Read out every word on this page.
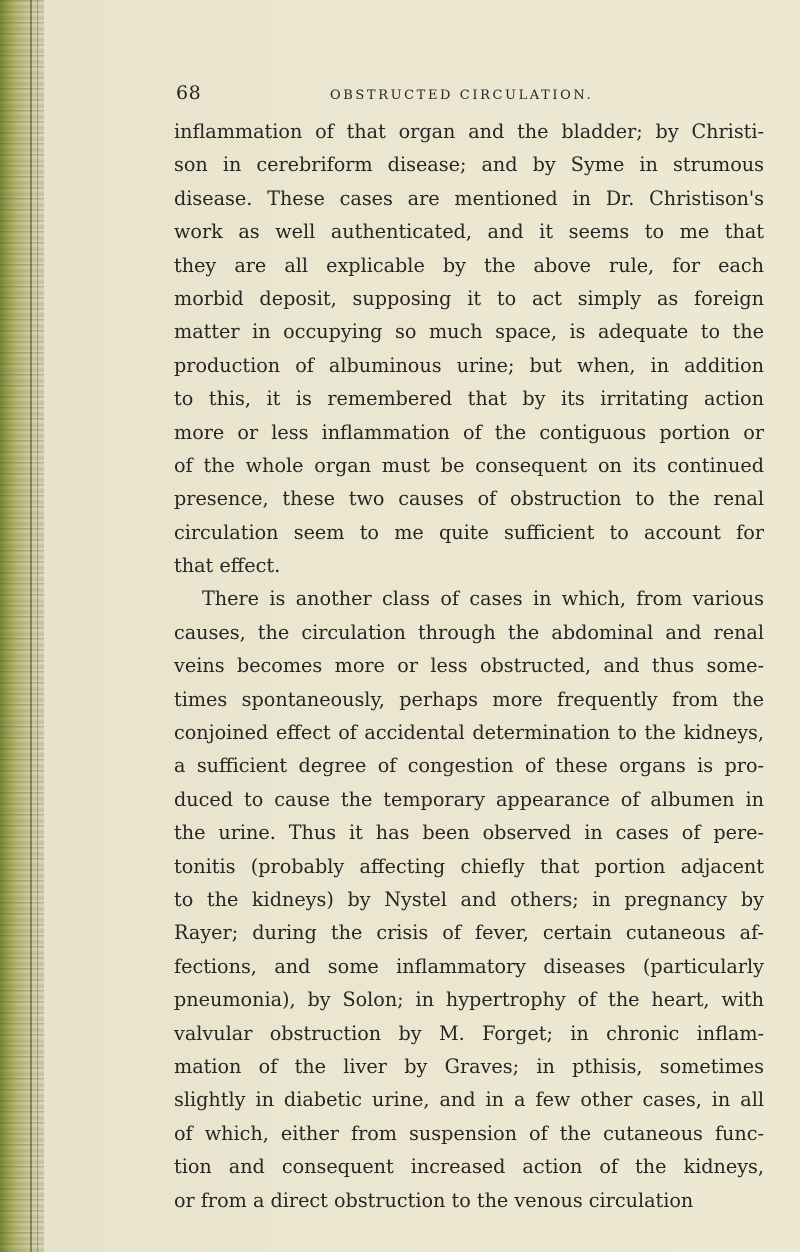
68	OBSTRUCTED CIRCULATION.
inflammation of that organ and the bladder; by Christi-
son in cerebriform disease; and by Syme in strumous
disease. These cases are mentioned in Dr. Christison's
work as well authenticated, and it seems to me that
they are all explicable by the above rule, for each
morbid deposit, supposing it to act simply as foreign
matter in occupying so much space, is adequate to the
production of albuminous urine; but when, in addition
to this, it is remembered that by its irritating action
more or less inflammation of the contiguous portion or
of the whole organ must be consequent on its continued
presence, these two causes of obstruction to the renal
circulation seem to me quite sufficient to account for
that effect.
There is another class of cases in which, from various
causes, the circulation through the abdominal and renal
veins becomes more or less obstructed, and thus some-
times spontaneously, perhaps more frequently from the
conjoined effect of accidental determination to the kidneys,
a sufficient degree of congestion of these organs is pro-
duced to cause the temporary appearance of albumen in
the urine. Thus it has been observed in cases of pere-
tonitis (probably affecting chiefly that portion adjacent
to the kidneys) by Nystel and others; in pregnancy by
Rayer; during the crisis of fever, certain cutaneous af-
fections, and some inflammatory diseases (particularly
pneumonia), by Solon; in hypertrophy of the heart, with
valvular obstruction by M. Forget; in chronic inflam-
mation of the liver by Graves; in pthisis, sometimes
slightly in diabetic urine, and in a few other cases, in all
of which, either from suspension of the cutaneous func-
tion and consequent increased action of the kidneys,
or from a direct obstruction to the venous circulation
